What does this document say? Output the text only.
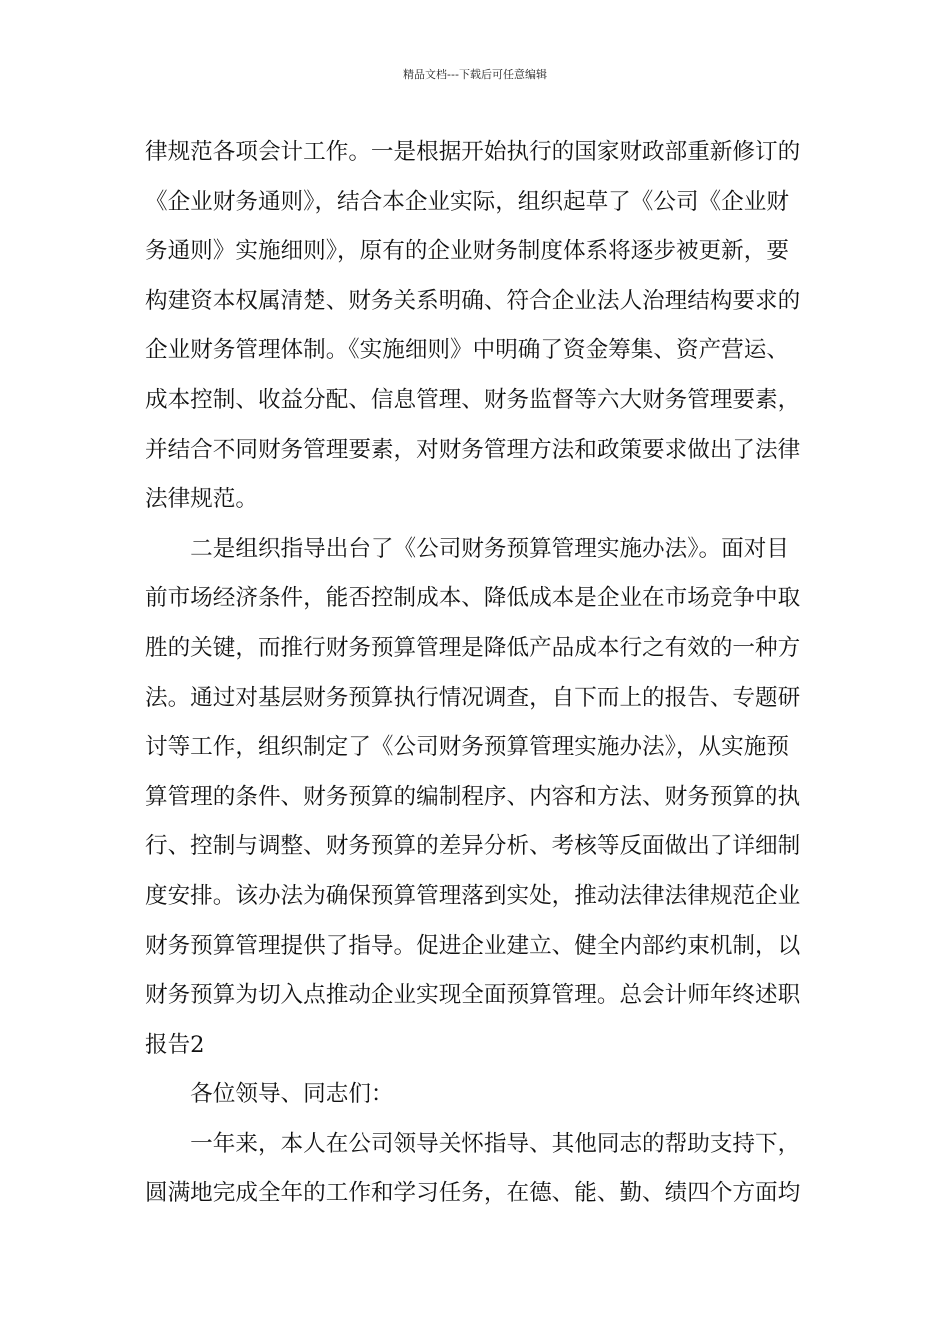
精品文档---下载后可任意编辑
律规范各项会计工作。一是根据开始执行的国家财政部重新修订的
《企业财务通则》，结合本企业实际，组织起草了《公司《企业财
务通则》实施细则》，原有的企业财务制度体系将逐步被更新，要
构建资本权属清楚、财务关系明确、符合企业法人治理结构要求的
企业财务管理体制。《实施细则》中明确了资金筹集、资产营运、
成本控制、收益分配、信息管理、财务监督等六大财务管理要素，
并结合不同财务管理要素，对财务管理方法和政策要求做出了法律
法律规范。
　　二是组织指导出台了《公司财务预算管理实施办法》。面对目
前市场经济条件，能否控制成本、降低成本是企业在市场竞争中取
胜的关键，而推行财务预算管理是降低产品成本行之有效的一种方
法。通过对基层财务预算执行情况调查，自下而上的报告、专题研
讨等工作，组织制定了《公司财务预算管理实施办法》，从实施预
算管理的条件、财务预算的编制程序、内容和方法、财务预算的执
行、控制与调整、财务预算的差异分析、考核等反面做出了详细制
度安排。该办法为确保预算管理落到实处，推动法律法律规范企业
财务预算管理提供了指导。促进企业建立、健全内部约束机制，以
财务预算为切入点推动企业实现全面预算管理。总会计师年终述职
报告2
　　各位领导、同志们：
　　一年来，本人在公司领导关怀指导、其他同志的帮助支持下，
圆满地完成全年的工作和学习任务，在德、能、勤、绩四个方面均
